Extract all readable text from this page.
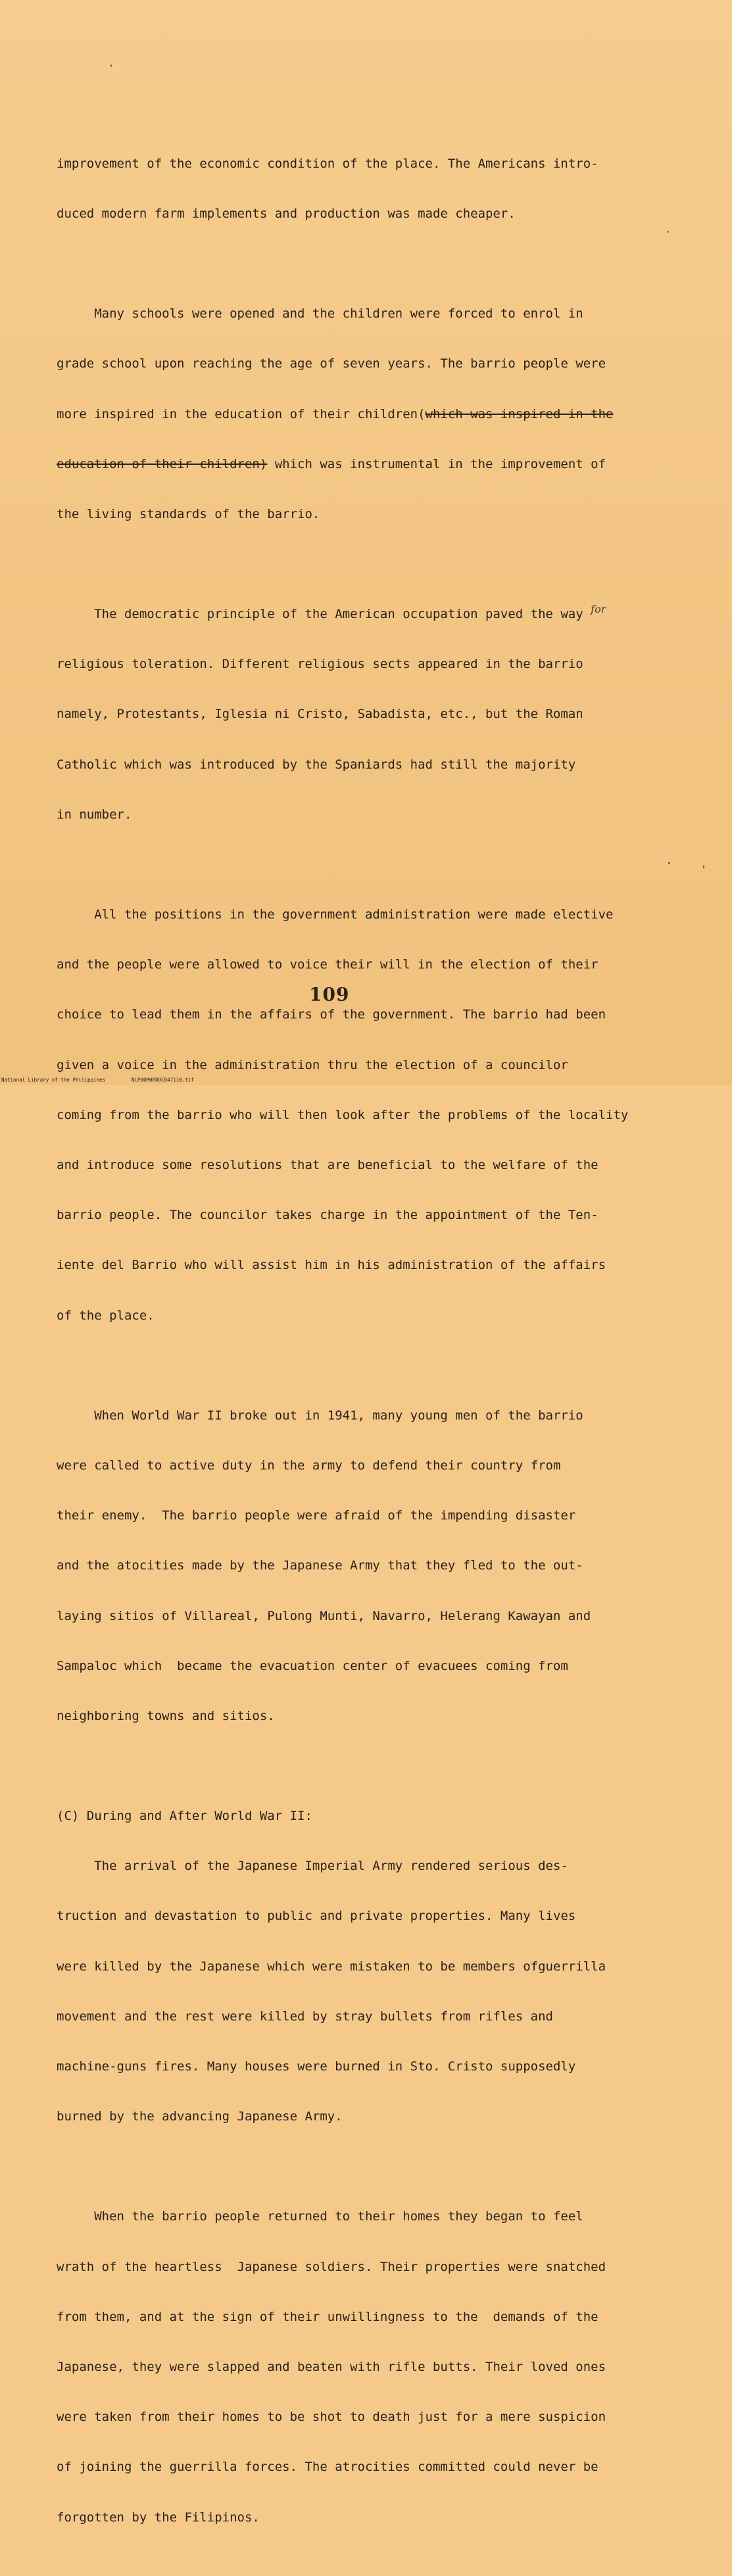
improvement of the economic condition of the place. The Americans intro-

duced modern farm implements and production was made cheaper.

Many schools were opened and the children were forced to enrol in

grade school upon reaching the age of seven years. The barrio people were

more inspired in the education of their children(which was inspired in the

education of their children) which was instrumental in the improvement of

the living standards of the barrio.

The democratic principle of the American occupation paved the way $^{for}$

religious toleration. Different religious sects appeared in the barrio

namely, Protestants, Iglesia ni Cristo, Sabadista, etc., but the Roman

Catholic which was introduced by the Spaniards had still the majority

in number.

All the positions in the government administration were made elective

and the people were allowed to voice their will in the election of their

choice to lead them in the affairs of the government. The barrio had been

given a voice in the administration thru the election of a councilor

coming from the barrio who will then look after the problems of the locality

and introduce some resolutions that are beneficial to the welfare of the

barrio people. The councilor takes charge in the appointment of the Ten-

iente del Barrio who will assist him in his administration of the affairs

of the place.

When World War II broke out in 1941, many young men of the barrio

were called to active duty in the army to defend their country from

their enemy.  The barrio people were afraid of the impending disaster

and the atocities made by the Japanese Army that they fled to the out-

laying sitios of Villareal, Pulong Munti, Navarro, Helerang Kawayan and

Sampaloc which  became the evacuation center of evacuees coming from

neighboring towns and sitios.

(C) During and After World War II:

The arrival of the Japanese Imperial Army rendered serious des-

truction and devastation to public and private properties. Many lives

were killed by the Japanese which were mistaken to be members ofguerrilla

movement and the rest were killed by stray bullets from rifles and

machine-guns fires. Many houses were burned in Sto. Cristo supposedly

burned by the advancing Japanese Army.

When the barrio people returned to their homes they began to feel

wrath of the heartless  Japanese soldiers. Their properties were snatched

from them, and at the sign of their unwillingness to the  demands of the

Japanese, they were slapped and beaten with rifle butts. Their loved ones

were taken from their homes to be shot to death just for a mere suspicion

of joining the guerrilla forces. The atrocities committed could never be

forgotten by the Filipinos.

109
National Library of the Philippines	NLP00MHRDOC047110.tif
